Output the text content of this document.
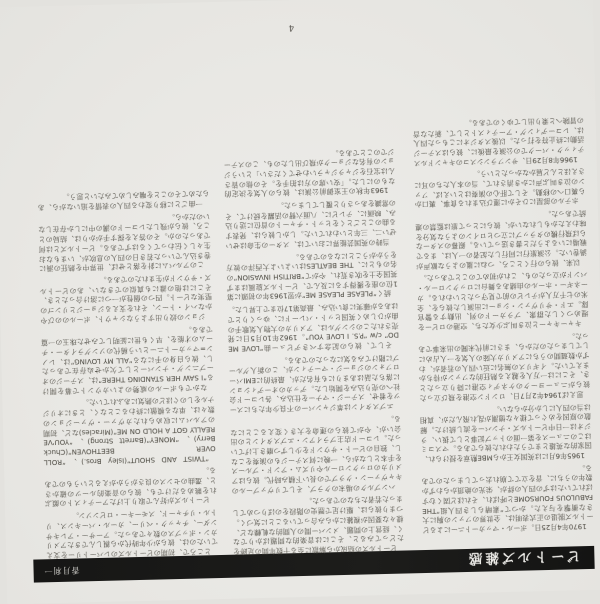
ビートルズ雑感
香月利一

1970年4月25日。ポール・マッカートニーによるビートルズ脱退の正式表明は、全世界のファンの胸に大きな衝撃を与えた。かつて“素晴らしき四人組”THE FABULOUS FOURSOMEと呼ばれ、それほど固くむすばれていたはずの四人の絆が、栄光の絶頂からわずか数年のうちに、音を立てて崩れ去ってしまったのである。

1965年6月には英国女王からMBE勲章を授けられ、国家的な英雄とまでうたわれた彼らである。マスコミはこのニュースを第一面のトップ記事として扱い、ラジオは一日中ビートルズ・ナンバーを流し続けた。解散の原因をめぐって様々な憶測が乱れ飛んだが、真相は当の四人にしか分からない。

思えば1964年2月7日、ロンドン空港を飛び立った彼らがニューヨークのケネディ空港に降り立ったとき、そこには一万人を越える熱狂的なファンが待ちかまえていた。イギリスの無名に近い四人の若者が、わずか数週間のうちにアメリカ大陸の人気を一人占めにしてしまったのだから、まさに前代未聞の出来事であった。

キャーキャーと泣き叫ぶ少女たち、空港のロビーを埋めつくした群衆、プラカードの列、出動する警官隊。エド・サリヴァン・ショーに出演した彼らを、全米の七千万人がテレビの前で見守ったといわれる。カーネギー・ホールの由緒ある舞台にロックンロール・バンドが立ったのも、これが初めてのことであった。

以来、彼らの行くところ、つねに嵐のような歓声が渦巻いた。公演旅行に同行した記者の一人は、まるで戦場にいるようだと書き送っている。銀幕のスターならば飛行機のタラップに立つヒロインのような気分を味わえたかもしれないが、彼らにとって旅は監禁の連続であった。

ホテルの部屋にひそかに運び込まれる食事、裏口から裏口への移動。そして肝心の演奏はといえば、ファンの泣き叫ぶ声にかき消されて、当の本人たちの耳にさえほとんど届かなかったという。

1966年8月29日、サンフランシスコのキャンドルスティック・パークでの公演を最後に、彼らはステージ活動に終止符を打った。以後スタジオにこもった四人は、レコーディング・アーティストとして、新たな音の冒険へと乗り出してゆくのである。

ビートルズの結成から解散に至る十数年間の足跡をたどってみると、そこには音楽的な問題ばかりでなく、経営上の問題、メンバー間の人間的な軋轢など、様々な要因が複雑にからみ合っていることに気づく。つまり彼らは、駆け足で歴史の階段をのぼりつめてしまった若者たちなのであった。

ハンブルクの場末のクラブ、そしてリヴァプールのキャヴァーン・クラブでの長い下積み時代。彼らはアメリカのロックンロールやリズム・アンド・ブルースを手本としながら、一晩に何ステージもの演奏をこなし、独自のビート・サウンドを少しずつ磨き上げていった。レコード店主ブライアン・エプスタインとの出会いが、やがて彼らの運命を大きく変えることになる。

エプスタインは革ジャンパーの不良少年たちにスーツを着せ、ステージ・マナーを仕込み、各レコード会社への売り込みを開始した。デッカのオーディションに落ちた話はあまりにも有名だが、最終的にEMIパーロフォンのジョージ・マーティンが、この新人グループに賭けてみる気になったのである。

そして、彼らの記念すべきデビュー曲“LOVE ME DO” c/w “P.S. I LOVE YOU”。1962年10月5日に発売されたこのシングルは、アメリカの大物人気歌手の曲がひしめく英国ヒット・パレードに、ゆっくりとではあるが確実に食い込み、最高第17位まで上昇した。

続く“PLEASE PLEASE ME”が翌1963年の初頭に第1位の座を獲得するに及んで、ビートルズ旋風はまず英国全土を吹き荒れ、やがて“BRITISH INVASION”の名のもとに、THE BEATLESはいよいよ大西洋の彼方をうかがうことになるのである。

当時の英国芸能界においては、スターの生命はせいぜい二、三年といわれていた。しかし彼らは、発表する曲のことごとくをヒット・チャートの首位に送り込み、映画に、テレビに、八面六臂の活躍を続けて、その常識をあっさりと覆してしまった。

1963年秋の王室御前公演は、彼らの人気を決定的なものにした。「安い席の方は拍手を。その他の皆さんは宝石をジャラジャラいわせてください」というジョンの有名なジョークが飛び出したのも、このステージでのことである。

ところで、初期のビートルズのレパートリーを支えていたのは、彼らが少年時代から親しんできたアメリカン・ポップスの数々であった。アーサー・アレキサンダー、チャック・ベリー、カール・パーキンス、リトル・リチャード、スモーキー・ロビンソン。

ビートルズが好んで取り上げたアーティストの顔ぶれを眺めるだけでも、彼らの音楽的ルーツの確かさと、選曲のセンスの良さがうかがえるというものである。

“TWIST AND SHOUT”(Isley Bros.)、“ROLL OVER BEETHOVEN”(Chuck Berry)、“MONEY”(Barrett Strong)、“YOU'VE REALLY GOT A HOLD ON ME”(Miracles)など、初期のアルバムに収められたカヴァー・ヴァージョンの数々は、単なる模倣に終わることなく、ときにオリジナルをしのぐほどの熱気にあふれていた。

なかでもポールの威勢のよいカウントで幕を開ける“I SAW HER STANDING THERE”は、ステージのオープニング・ナンバーとして欠かせぬ存在であったし、彼ら自身の手になる“ALL MY LOVING”は、レノン=マッカートニーという稀代のソングライター・チームの才能を、早くも世に証明してみせた珠玉の一篇である。

ジョンの絞り出すようなシャウト、ポールののびやかなハイ・トーン、それを支えるジョージとリンゴの堅実なビート。四つの個性が一つに溶け合ったとき、そこには他の誰にも真似のできない、あのビートルズ・サウンドが生まれたのである。

このアルバムに針を落とせば、世界中を熱狂の渦に巻き込んでいった若き日の四人の息吹が、いまもなお生々しく伝わってくるはずである。ビートルズとは何であったのか。その答えを探す手がかりは、結局のところ、彼らが残したレコードの溝の中にしか存在しないのだから。

一曲ごとに移り変わる四人の表情を追いながら、あらためてそのことを噛みしめてみたいと思う。

4
